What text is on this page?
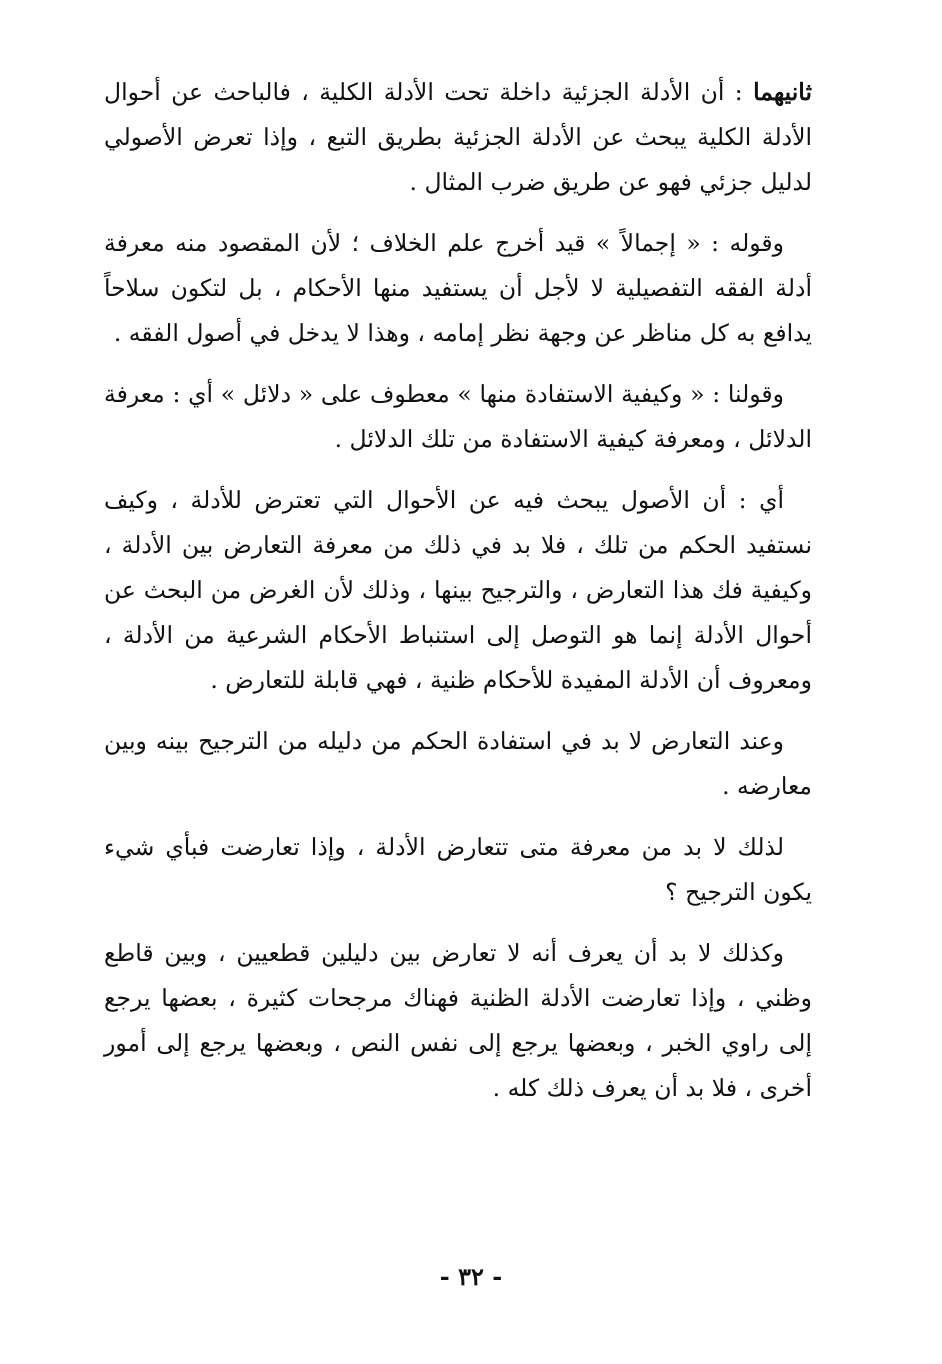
ثانيهما : أن الأدلة الجزئية داخلة تحت الأدلة الكلية ، فالباحث عن أحوال الأدلة الكلية يبحث عن الأدلة الجزئية بطريق التبع ، وإذا تعرض الأصولي لدليل جزئي فهو عن طريق ضرب المثال .

وقوله : « إجمالاً » قيد أخرج علم الخلاف ؛ لأن المقصود منه معرفة أدلة الفقه التفصيلية لا لأجل أن يستفيد منها الأحكام ، بل لتكون سلاحاً يدافع به كل مناظر عن وجهة نظر إمامه ، وهذا لا يدخل في أصول الفقه .

وقولنا : « وكيفية الاستفادة منها » معطوف على « دلائل » أي : معرفة الدلائل ، ومعرفة كيفية الاستفادة من تلك الدلائل .

أي : أن الأصول يبحث فيه عن الأحوال التي تعترض للأدلة ، وكيف نستفيد الحكم من تلك ، فلا بد في ذلك من معرفة التعارض بين الأدلة ، وكيفية فك هذا التعارض ، والترجيح بينها ، وذلك لأن الغرض من البحث عن أحوال الأدلة إنما هو التوصل إلى استنباط الأحكام الشرعية من الأدلة ، ومعروف أن الأدلة المفيدة للأحكام ظنية ، فهي قابلة للتعارض .

وعند التعارض لا بد في استفادة الحكم من دليله من الترجيح بينه وبين معارضه .

لذلك لا بد من معرفة متى تتعارض الأدلة ، وإذا تعارضت فبأي شيء يكون الترجيح ؟

وكذلك لا بد أن يعرف أنه لا تعارض بين دليلين قطعيين ، وبين قاطع وظني ، وإذا تعارضت الأدلة الظنية فهناك مرجحات كثيرة ، بعضها يرجع إلى راوي الخبر ، وبعضها يرجع إلى نفس النص ، وبعضها يرجع إلى أمور أخرى ، فلا بد أن يعرف ذلك كله .

- ٣٢ -
